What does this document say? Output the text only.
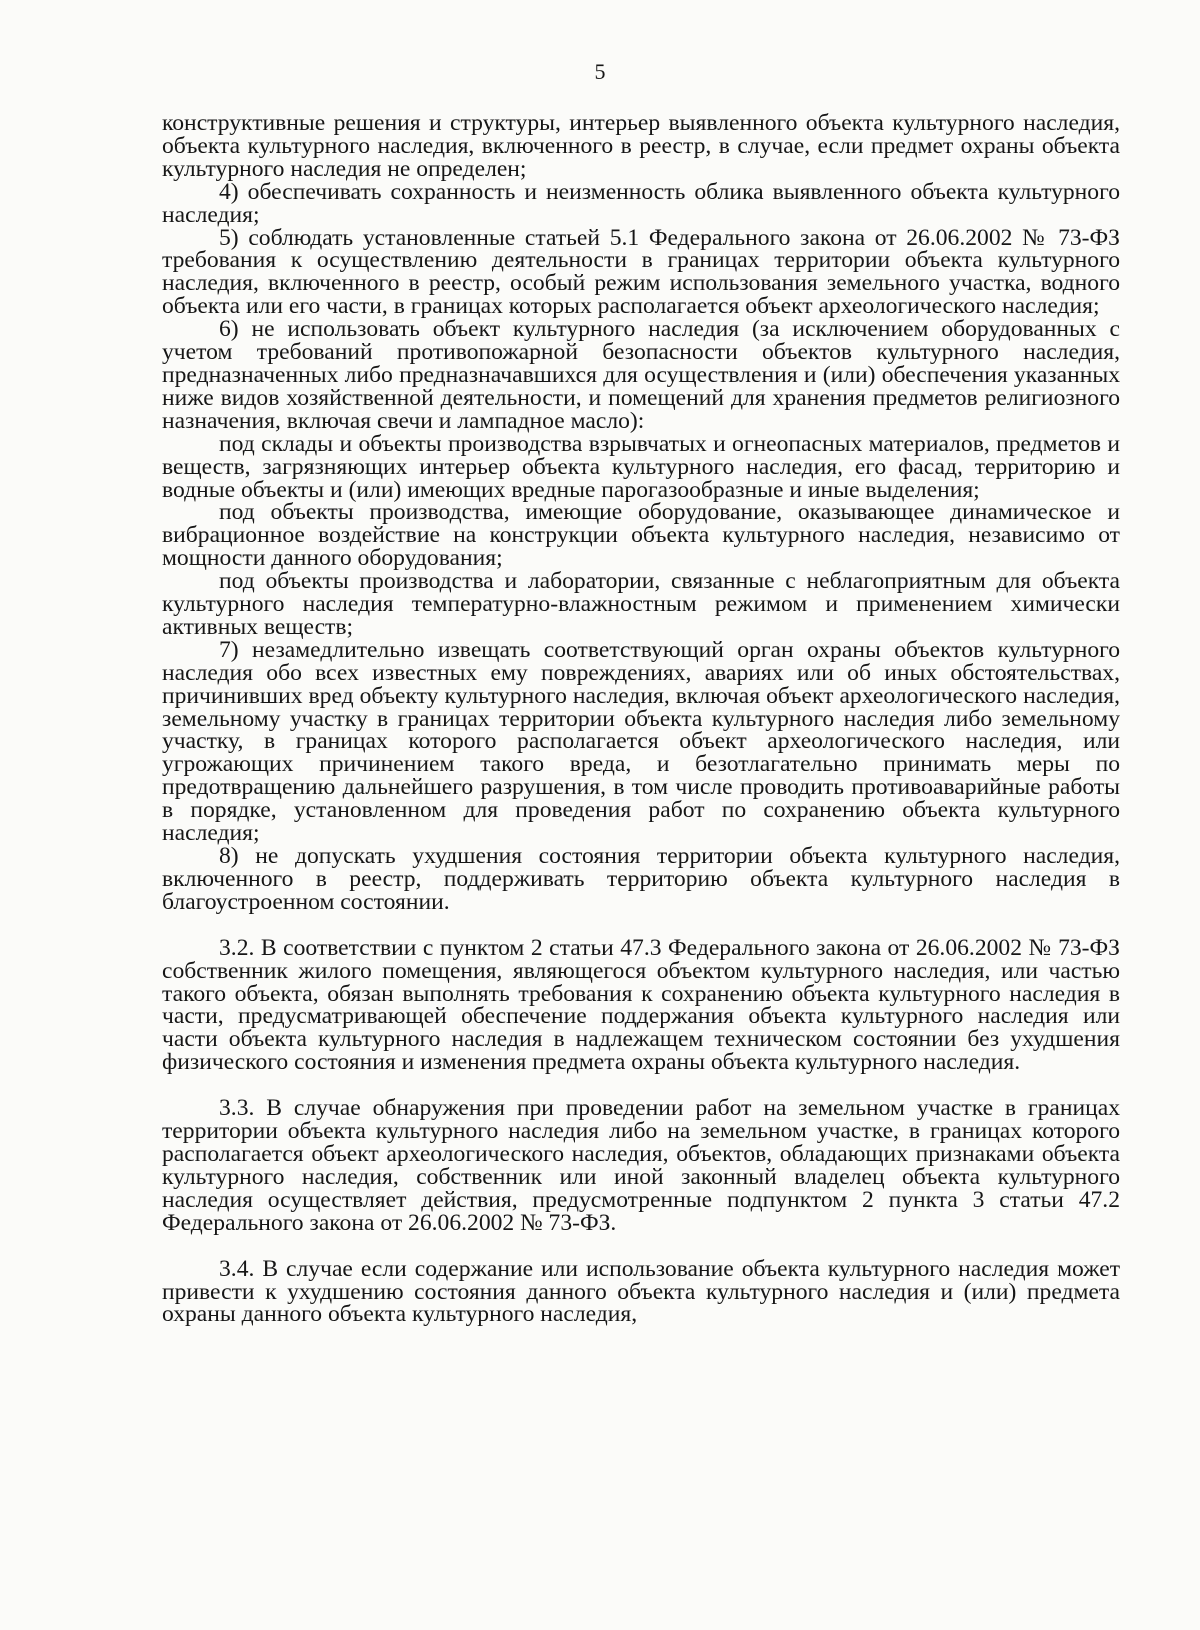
5

конструктивные решения и структуры, интерьер выявленного объекта культурного наследия, объекта культурного наследия, включенного в реестр, в случае, если предмет охраны объекта культурного наследия не определен;

4) обеспечивать сохранность и неизменность облика выявленного объекта культурного наследия;

5) соблюдать установленные статьей 5.1 Федерального закона от 26.06.2002 № 73-ФЗ требования к осуществлению деятельности в границах территории объекта культурного наследия, включенного в реестр, особый режим использования земельного участка, водного объекта или его части, в границах которых располагается объект археологического наследия;

6) не использовать объект культурного наследия (за исключением оборудованных с учетом требований противопожарной безопасности объектов культурного наследия, предназначенных либо предназначавшихся для осуществления и (или) обеспечения указанных ниже видов хозяйственной деятельности, и помещений для хранения предметов религиозного назначения, включая свечи и лампадное масло):

под склады и объекты производства взрывчатых и огнеопасных материалов, предметов и веществ, загрязняющих интерьер объекта культурного наследия, его фасад, территорию и водные объекты и (или) имеющих вредные парогазообразные и иные выделения;

под объекты производства, имеющие оборудование, оказывающее динамическое и вибрационное воздействие на конструкции объекта культурного наследия, независимо от мощности данного оборудования;

под объекты производства и лаборатории, связанные с неблагоприятным для объекта культурного наследия температурно-влажностным режимом и применением химически активных веществ;

7) незамедлительно извещать соответствующий орган охраны объектов культурного наследия обо всех известных ему повреждениях, авариях или об иных обстоятельствах, причинивших вред объекту культурного наследия, включая объект археологического наследия, земельному участку в границах территории объекта культурного наследия либо земельному участку, в границах которого располагается объект археологического наследия, или угрожающих причинением такого вреда, и безотлагательно принимать меры по предотвращению дальнейшего разрушения, в том числе проводить противоаварийные работы в порядке, установленном для проведения работ по сохранению объекта культурного наследия;

8) не допускать ухудшения состояния территории объекта культурного наследия, включенного в реестр, поддерживать территорию объекта культурного наследия в благоустроенном состоянии.

3.2. В соответствии с пунктом 2 статьи 47.3 Федерального закона от 26.06.2002 № 73-ФЗ собственник жилого помещения, являющегося объектом культурного наследия, или частью такого объекта, обязан выполнять требования к сохранению объекта культурного наследия в части, предусматривающей обеспечение поддержания объекта культурного наследия или части объекта культурного наследия в надлежащем техническом состоянии без ухудшения физического состояния и изменения предмета охраны объекта культурного наследия.

3.3. В случае обнаружения при проведении работ на земельном участке в границах территории объекта культурного наследия либо на земельном участке, в границах которого располагается объект археологического наследия, объектов, обладающих признаками объекта культурного наследия, собственник или иной законный владелец объекта культурного наследия осуществляет действия, предусмотренные подпунктом 2 пункта 3 статьи 47.2 Федерального закона от 26.06.2002 № 73-ФЗ.

3.4. В случае если содержание или использование объекта культурного наследия может привести к ухудшению состояния данного объекта культурного наследия и (или) предмета охраны данного объекта культурного наследия,
